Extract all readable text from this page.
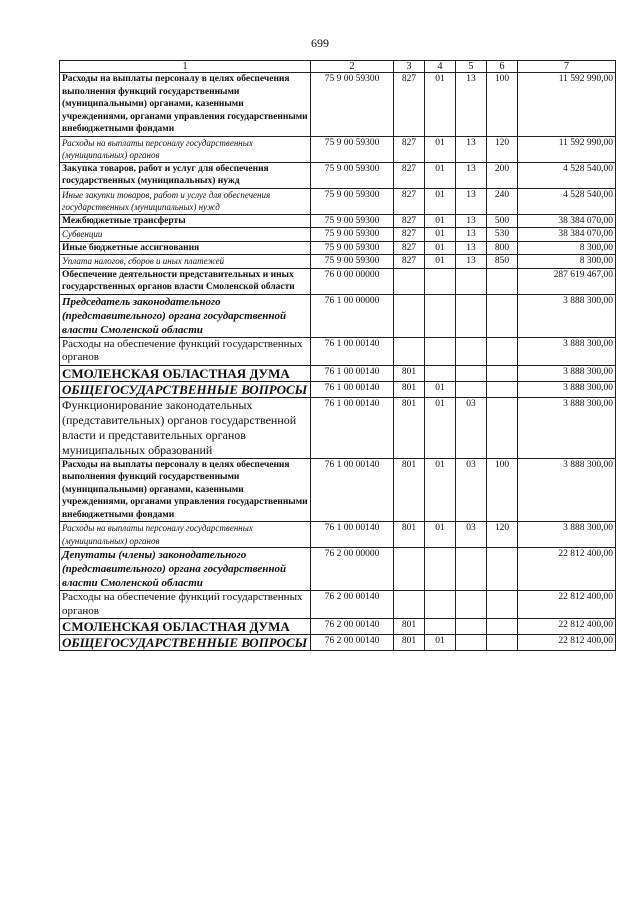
699
1	2	3	4	5	6	7
Расходы на выплаты персоналу в целях обеспечения выполнения функций государственными (муниципальными) органами, казенными учреждениями, органами управления государственными внебюджетными фондами	75 9 00 59300	827	01	13	100	11 592 990,00
Расходы на выплаты персоналу государственных (муниципальных) органов	75 9 00 59300	827	01	13	120	11 592 990,00
Закупка товаров, работ и услуг для обеспечения государственных (муниципальных) нужд	75 9 00 59300	827	01	13	200	4 528 540,00
Иные закупки товаров, работ и услуг для обеспечения государственных (муниципальных) нужд	75 9 00 59300	827	01	13	240	4 528 540,00
Межбюджетные трансферты	75 9 00 59300	827	01	13	500	38 384 070,00
Субвенции	75 9 00 59300	827	01	13	530	38 384 070,00
Иные бюджетные ассигнования	75 9 00 59300	827	01	13	800	8 300,00
Уплата налогов, сборов и иных платежей	75 9 00 59300	827	01	13	850	8 300,00
Обеспечение деятельности представительных и иных государственных органов власти Смоленской области	76 0 00 00000					287 619 467,00
Председатель законодательного (представительного) органа государственной власти Смоленской области	76 1 00 00000					3 888 300,00
Расходы на обеспечение функций государственных органов	76 1 00 00140					3 888 300,00
СМОЛЕНСКАЯ ОБЛАСТНАЯ ДУМА	76 1 00 00140	801				3 888 300,00
ОБЩЕГОСУДАРСТВЕННЫЕ ВОПРОСЫ	76 1 00 00140	801	01			3 888 300,00
Функционирование законодательных (представительных) органов государственной власти и представительных органов муниципальных образований	76 1 00 00140	801	01	03		3 888 300,00
Расходы на выплаты персоналу в целях обеспечения выполнения функций государственными (муниципальными) органами, казенными учреждениями, органами управления государственными внебюджетными фондами	76 1 00 00140	801	01	03	100	3 888 300,00
Расходы на выплаты персоналу государственных (муниципальных) органов	76 1 00 00140	801	01	03	120	3 888 300,00
Депутаты (члены) законодательного (представительного) органа государственной власти Смоленской области	76 2 00 00000					22 812 400,00
Расходы на обеспечение функций государственных органов	76 2 00 00140					22 812 400,00
СМОЛЕНСКАЯ ОБЛАСТНАЯ ДУМА	76 2 00 00140	801				22 812 400,00
ОБЩЕГОСУДАРСТВЕННЫЕ ВОПРОСЫ	76 2 00 00140	801	01			22 812 400,00
